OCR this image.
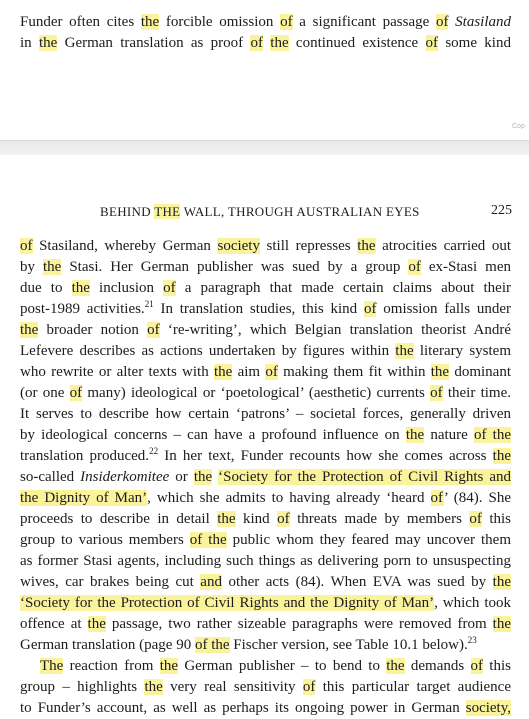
Funder often cites the forcible omission of a significant passage of Stasiland
in the German translation as proof of the continued existence of some kind
Cop
BEHIND THE WALL, THROUGH AUSTRALIAN EYES	225
of Stasiland, whereby German society still represses the atrocities carried out
by the Stasi. Her German publisher was sued by a group of ex-Stasi men
due to the inclusion of a paragraph that made certain claims about their
post-1989 activities.$^{21}$ In translation studies, this kind of omission falls under
the broader notion of ‘re-writing’, which Belgian translation theorist André
Lefevere describes as actions undertaken by figures within the literary system
who rewrite or alter texts with the aim of making them fit within the dominant
(or one of many) ideological or ‘poetological’ (aesthetic) currents of their time.
It serves to describe how certain ‘patrons’ – societal forces, generally driven
by ideological concerns – can have a profound influence on the nature of the
translation produced.$^{22}$ In her text, Funder recounts how she comes across the
so-called Insiderkomitee or the ‘Society for the Protection of Civil Rights and
the Dignity of Man’, which she admits to having already ‘heard of’ (84). She
proceeds to describe in detail the kind of threats made by members of this
group to various members of the public whom they feared may uncover them
as former Stasi agents, including such things as delivering porn to unsuspecting
wives, car brakes being cut and other acts (84). When EVA was sued by the
‘Society for the Protection of Civil Rights and the Dignity of Man’, which took
offence at the passage, two rather sizeable paragraphs were removed from the
German translation (page 90 of the Fischer version, see Table 10.1 below).$^{23}$
The reaction from the German publisher – to bend to the demands of this
group – highlights the very real sensitivity of this particular target audience
to Funder’s account, as well as perhaps its ongoing power in German society,
